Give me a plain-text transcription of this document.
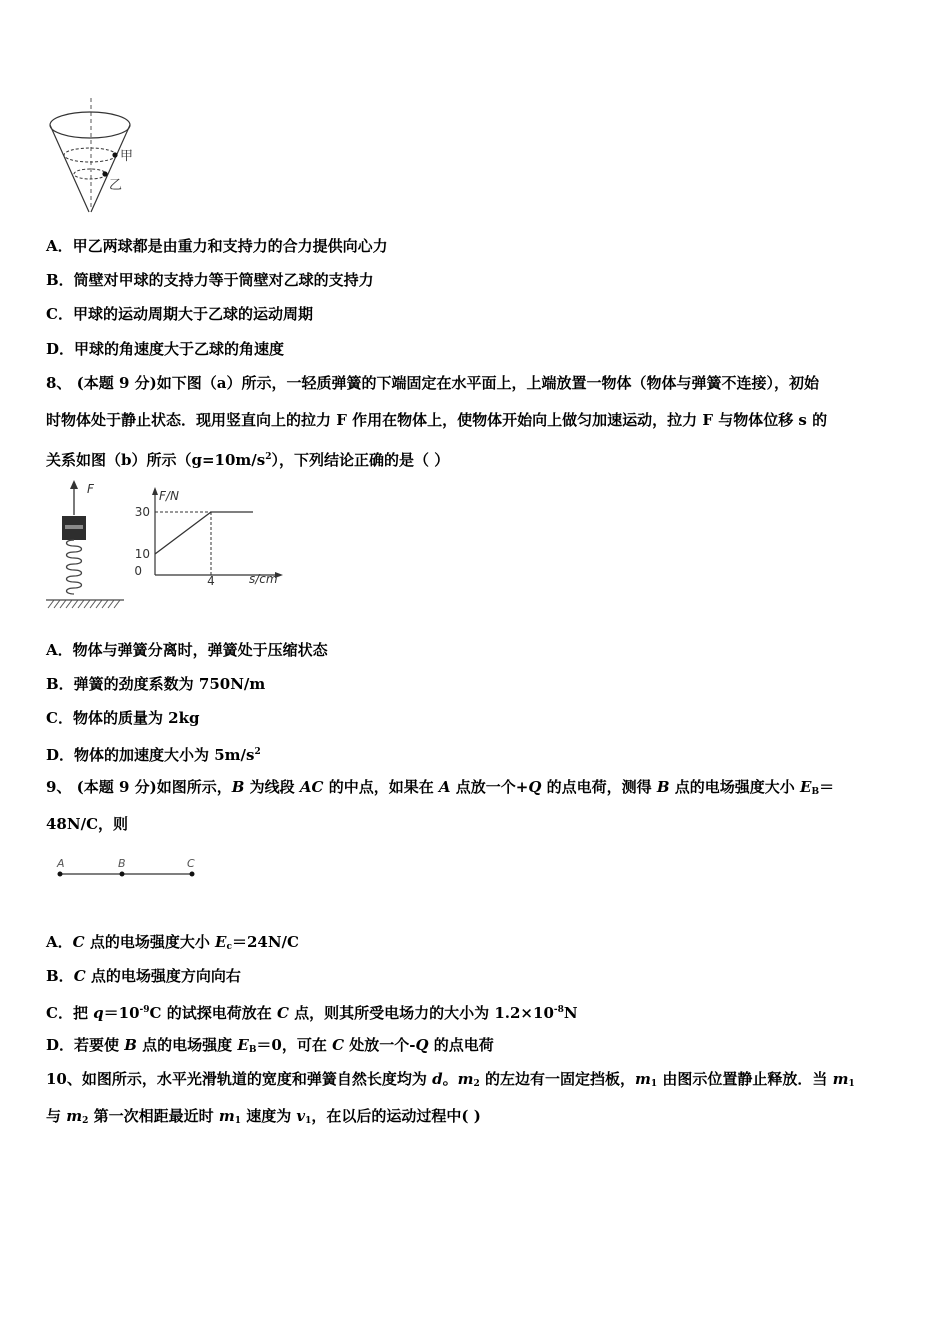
甲
乙
A．甲乙两球都是由重力和支持力的合力提供向心力
B．筒壁对甲球的支持力等于筒壁对乙球的支持力
C．甲球的运动周期大于乙球的运动周期
D．甲球的角速度大于乙球的角速度
8、 (本题 9 分)如下图（a）所示，一轻质弹簧的下端固定在水平面上，上端放置一物体（物体与弹簧不连接），初始
时物体处于静止状态．现用竖直向上的拉力 F 作用在物体上，使物体开始向上做匀加速运动，拉力 F 与物体位移 s 的
关系如图（b）所示$(g=10m/s^2)$，下列结论正确的是（ ）
F	F/N
s/cm
30
10
0
4
A．物体与弹簧分离时，弹簧处于压缩状态
B．弹簧的劲度系数为 750N/m
C．物体的质量为 2kg
D．物体的加速度大小为 $5m/s^2$
9、 (本题 9 分)如图所示，B 为线段 AC 的中点，如果在 A 点放一个+Q 的点电荷，测得 B 点的电场强度大小 $E_B=$
48N/C，则
A	B	C
A．C 点的电场强度大小 $E_c=24N/C$
B．C 点的电场强度方向向右
C．把 $q=10^{-9}C$ 的试探电荷放在 C 点，则其所受电场力的大小为 $1.2\times 10^{-8}N$
D．若要使 B 点的电场强度 $E_B=0$，可在 C 处放一个-Q 的点电荷
10、如图所示，水平光滑轨道的宽度和弹簧自然长度均为 d。$m_2$ 的左边有一固定挡板，$m_1$ 由图示位置静止释放．当 $m_1$
与 $m_2$ 第一次相距最近时 $m_1$ 速度为 $v_1$，在以后的运动过程中( )
